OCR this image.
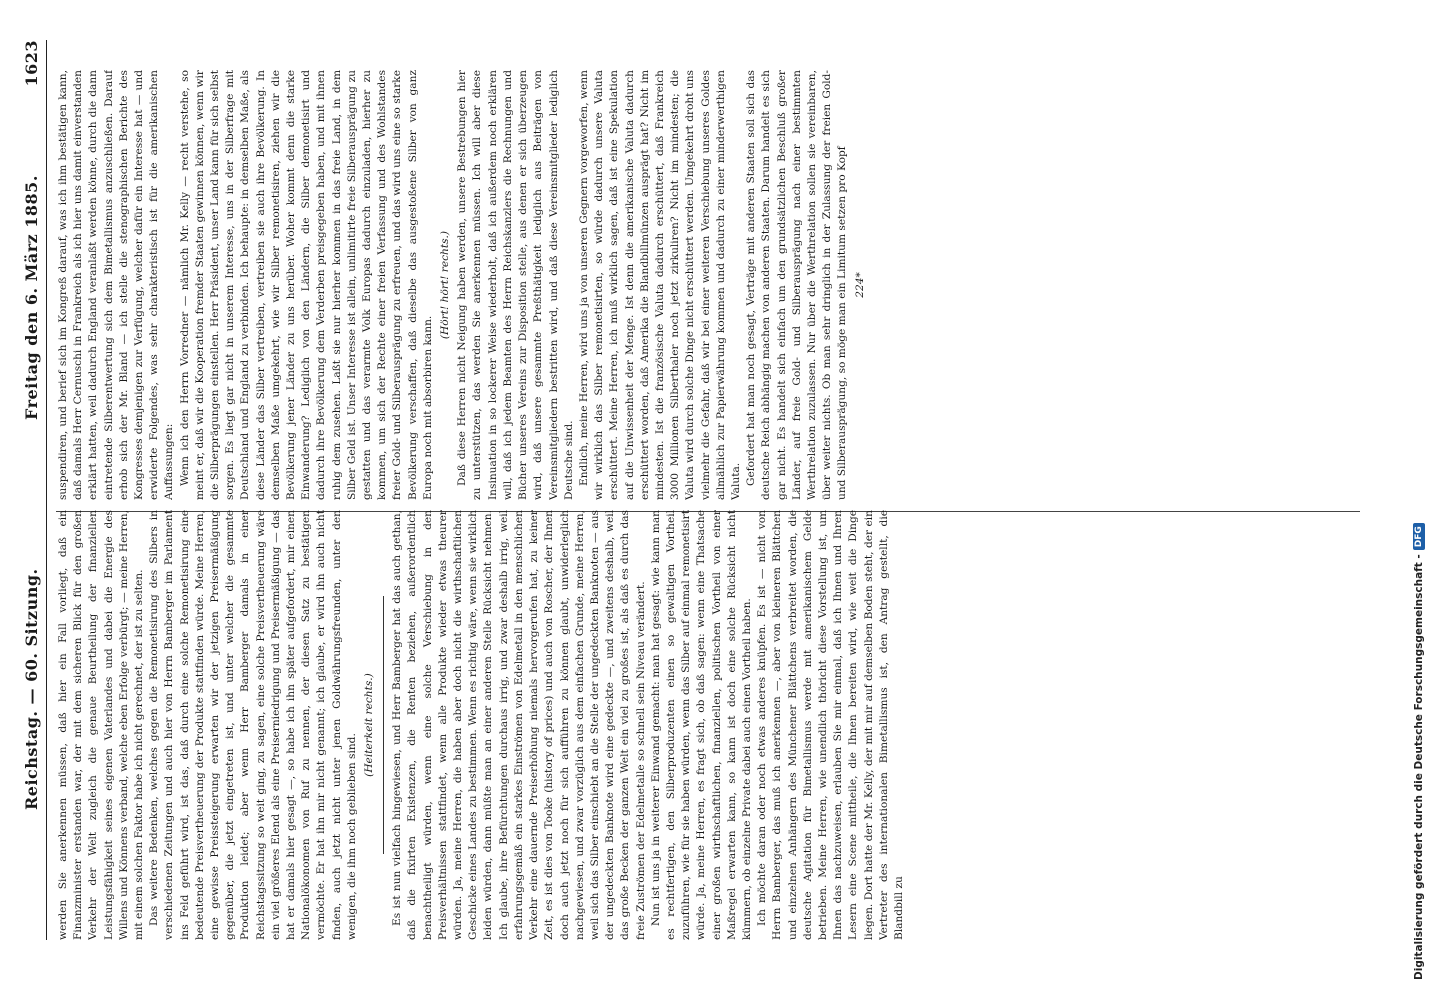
Reichstag. — 60. Sitzung.
Freitag den 6. März 1885.
1623

werden Sie anerkennen müssen, daß hier ein Fall vorliegt, daß ein Finanzminister erstanden war, der mit dem sicheren Blick für den großen Verkehr der Welt zugleich die genaue Beurtheilung der finanziellen Leistungsfähigkeit seines eigenen Vaterlandes und dabei die Energie des Willens und Könnens verband, welche eben Erfolge verbürgt; — meine Herren, mit einem solchen Faktor habe ich nicht gerechnet, der ist zu selten. Das weitere Bedenken, welches gegen die Remonetisirung des Silbers in verschiedenen Zeitungen und auch hier von Herrn Bamberger im Parlament ins Feld geführt wird, ist das, daß durch eine solche Remonetisirung eine bedeutende Preisvertheuerung der Produkte stattfinden würde. Meine Herren, eine gewisse Preissteigerung erwarten wir der jetzigen Preisermäßigung gegenüber, die jetzt eingetreten ist, und unter welcher die gesammte Produktion leidet; aber wenn Herr Bamberger damals in einer Reichstagssitzung so weit ging, zu sagen, eine solche Preisvertheuerung wäre ein viel größeres Elend als eine Preiserniedrigung und Preisermäßigung — das hat er damals hier gesagt —, so habe ich ihn später aufgefordert, mir einen Nationalökonomen von Ruf zu nennen, der diesen Satz zu bestätigen vermöchte. Er hat ihn mir nicht genannt; ich glaube, er wird ihn auch nicht finden, auch jetzt nicht unter jenen Goldwährungsfreunden, unter den wenigen, die ihm noch geblieben sind.

(Heiterkeit rechts.) Es ist nun vielfach hingewiesen, und Herr Bamberger hat das auch gethan, daß die fixirten Existenzen, die Renten beziehen, außerordentlich benachtheiligt würden, wenn eine solche Verschiebung in den Preisverhältnissen stattfindet, wenn alle Produkte wieder etwas theurer würden. Ja, meine Herren, die haben aber doch nicht die wirthschaftlichen Geschicke eines Landes zu bestimmen. Wenn es richtig wäre, wenn sie wirklich leiden würden, dann müßte man an einer anderen Stelle Rücksicht nehmen. Ich glaube, ihre Befürchtungen durchaus irrig, und zwar deshalb irrig, weil erfahrungsgemäß ein starkes Einströmen von Edelmetall in den menschlichen Verkehr eine dauernde Preiserhöhung niemals hervorgerufen hat, zu keiner Zeit, es ist dies von Tooke (history of prices) und auch von Roscher, der Ihnen doch auch jetzt noch für sich aufführen zu können glaubt, unwiderleglich nachgewiesen, und zwar vorzüglich aus dem einfachen Grunde, meine Herren, weil sich das Silber einschiebt an die Stelle der ungedeckten Banknoten — aus der ungedeckten Banknote wird eine gedeckte —, und zweitens deshalb, weil das große Becken der ganzen Welt ein viel zu großes ist, als daß es durch das freie Zuströmen der Edelmetalle so schnell sein Niveau verändert. Nun ist uns ja in weiterer Einwand gemacht: man hat gesagt: wie kann man es rechtfertigen, den Silberproduzenten einen so gewaltigen Vortheil zuzuführen, wie für sie haben würden, wenn das Silber auf einmal remonetisirt würde. Ja, meine Herren, es fragt sich, ob daß sagen: wenn eine Thatsache einer großen wirthschaftlichen, finanziellen, politischen Vortheil von einer Maßregel erwarten kann, so kann ist doch eine solche Rücksicht nicht kümmern, ob einzelne Private dabei auch einen Vortheil haben. Ich möchte daran oder noch etwas anderes knüpfen. Es ist — nicht von Herrn Bamberger, das muß ich anerkennen —, aber von kleineren Blättchen und einzelnen Anhängern des Münchener Blättchens verbreitet worden, die deutsche Agitation für Bimetallismus werde mit amerikanischem Gelde betrieben. Meine Herren, wie unendlich thöricht diese Vorstellung ist, um Ihnen das nachzuweisen, erlauben Sie mir einmal, daß ich Ihnen und Ihren Lesern eine Scene mittheile, die Ihnen bereiten wird, wie weit die Dinge liegen. Dort hatte der Mr. Kelly, der mit mir auf demselben Boden steht, der ein Vertreter des internationalen Bimetallismus ist, den Antrag gestellt, die Blandbill zu

suspendiren, und berief sich im Kongreß darauf, was ich ihm bestätigen kann, daß damals Herr Cernuschi in Frankreich als ich hier uns damit einverstanden erklärt hatten, weil dadurch England veranlaßt werden könne, durch die dann eintretende Silberentwertung sich dem Bimetallismus anzuschließen. Darauf erhob sich der Mr. Bland — ich stelle die stenographischen Berichte des Kongresses demjenigen zur Verfügung, welcher dafür ein Interesse hat — und erwiderte Folgendes, was sehr charakteristisch ist für die amerikanischen Auffassungen: Wenn ich den Herrn Vorredner — nämlich Mr. Kelly — recht verstehe, so meint er, daß wir die Kooperation fremder Staaten gewinnen können, wenn wir die Silberprägungen einstellen. Herr Präsident, unser Land kann für sich selbst sorgen. Es liegt gar nicht in unserem Interesse, uns in der Silberfrage mit Deutschland und England zu verbinden. Ich behaupte: in demselben Maße, als diese Länder das Silber vertreiben, vertreiben sie auch ihre Bevölkerung. In demselben Maße umgekehrt, wie wir Silber remonetisiren, ziehen wir die Bevölkerung jener Länder zu uns herüber. Woher kommt denn die starke Einwanderung? Lediglich von den Ländern, die Silber demonetisirt und dadurch ihre Bevölkerung dem Verderben preisgegeben haben, und mit ihnen ruhig dem zusehen. Laßt sie nur hierher kommen in das freie Land, in dem Silber Geld ist. Unser Interesse ist allein, unlimitirte freie Silberausprägung zu gestatten und das verarmte Volk Europas dadurch einzuladen, hierher zu kommen, um sich der Rechte einer freien Verfassung und des Wohlstandes freier Gold- und Silberausprägung zu erfreuen, und das wird uns eine so starke Bevölkerung verschaffen, daß dieselbe das ausgestoßene Silber von ganz Europa noch mit absorbiren kann.

(Hört! hört! rechts.) Daß diese Herren nicht Neigung haben werden, unsere Bestrebungen hier zu unterstützen, das werden Sie anerkennen müssen. Ich will aber diese Insinuation in so lockerer Weise wiederholt, daß ich außerdem noch erklären will, daß ich jedem Beamten des Herrn Reichskanzlers die Rechnungen und Bücher unseres Vereins zur Disposition stelle, aus denen er sich überzeugen wird, daß unsere gesammte Preßthätigkeit lediglich aus Beiträgen von Vereinsmitgliedern bestritten wird, und daß diese Vereinsmitglieder lediglich Deutsche sind. Endlich, meine Herren, wird uns ja von unseren Gegnern vorgeworfen, wenn wir wirklich das Silber remonetisirten, so würde dadurch unsere Valuta erschüttert. Meine Herren, ich muß wirklich sagen, daß ist eine Spekulation auf die Unwissenheit der Menge. Ist denn die amerikanische Valuta dadurch erschüttert worden, daß Amerika die Blandbillmünzen ausprägt hat? Nicht im mindesten. Ist die französische Valuta dadurch erschüttert, daß Frankreich 3000 Millionen Silberthaler noch jetzt zirkuliren? Nicht im mindesten; die Valuta wird durch solche Dinge nicht erschüttert werden. Umgekehrt droht uns vielmehr die Gefahr, daß wir bei einer weiteren Verschiebung unseres Goldes allmählich zur Papierwährung kommen und dadurch zu einer minderwerthigen Valuta. Gefordert hat man noch gesagt, Verträge mit anderen Staaten soll sich das deutsche Reich abhängig machen von anderen Staaten. Darum handelt es sich gar nicht. Es handelt sich einfach um den grundsätzlichen Beschluß großer Länder, auf freie Gold- und Silberausprägung nach einer bestimmten Werthrelation zuzulassen. Nur über die Werthrelation sollen sie vereinbaren, über weiter nichts. Ob man sehr dringlich in der Zulassung der freien Gold- und Silberausprägung, so möge man ein Limitum setzen pro Kopf 224*

Digitalisierung gefördert durch die Deutsche Forschungsgemeinschaft -
DFG
